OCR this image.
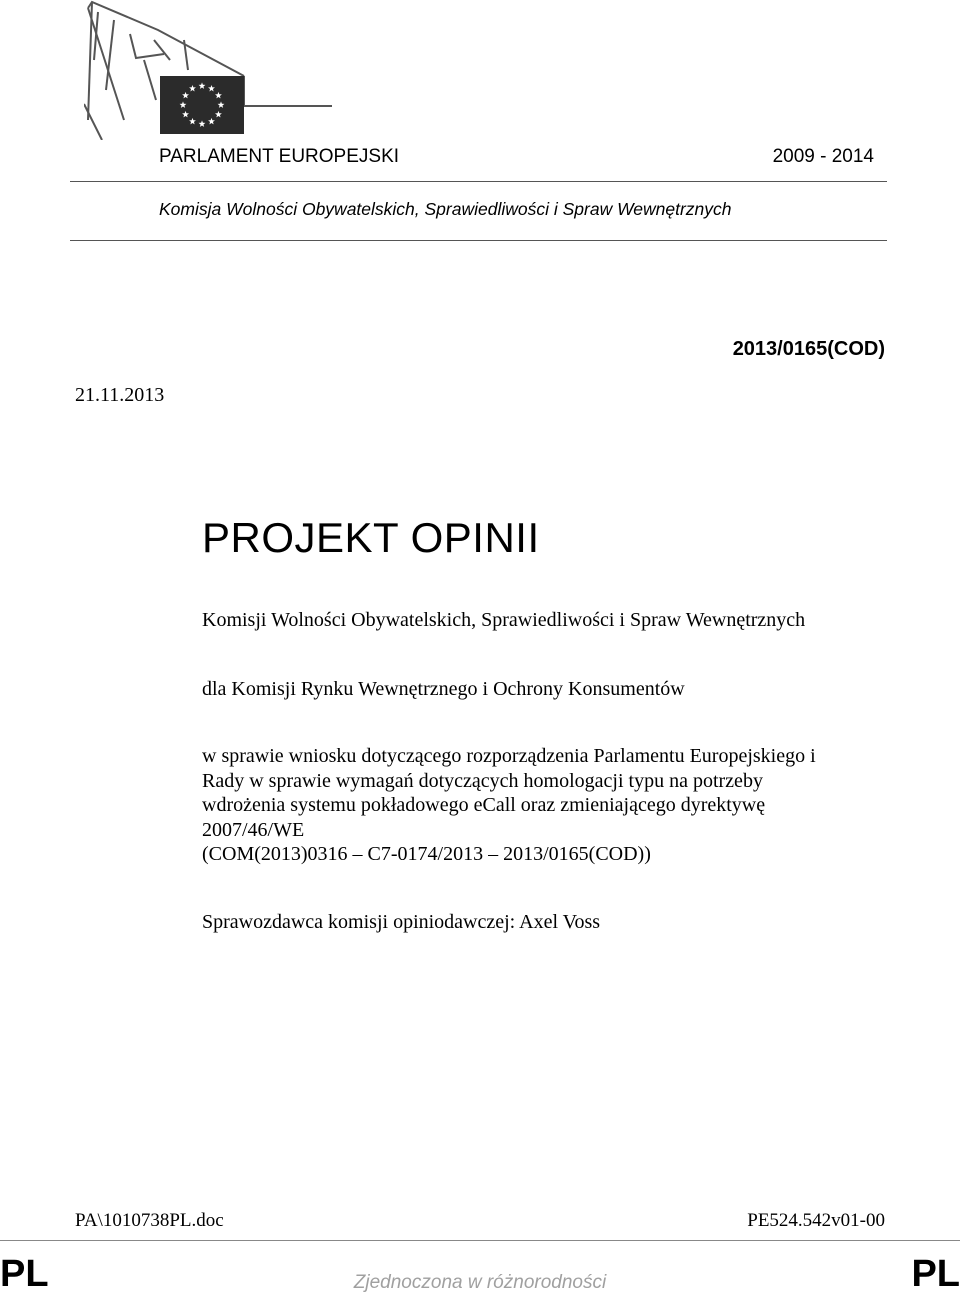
PARLAMENT EUROPEJSKI	2009 - 2014
Komisja Wolności Obywatelskich, Sprawiedliwości i Spraw Wewnętrznych
2013/0165(COD)
21.11.2013
PROJEKT OPINII
Komisji Wolności Obywatelskich, Sprawiedliwości i Spraw Wewnętrznych
dla Komisji Rynku Wewnętrznego i Ochrony Konsumentów
w sprawie wniosku dotyczącego rozporządzenia Parlamentu Europejskiego i
Rady w sprawie wymagań dotyczących homologacji typu na potrzeby
wdrożenia systemu pokładowego eCall oraz zmieniającego dyrektywę
2007/46/WE
(COM(2013)0316 – C7-0174/2013 – 2013/0165(COD))
Sprawozdawca komisji opiniodawczej: Axel Voss
PA\1010738PL.doc	PE524.542v01-00
PL	Zjednoczona w różnorodności	PL
